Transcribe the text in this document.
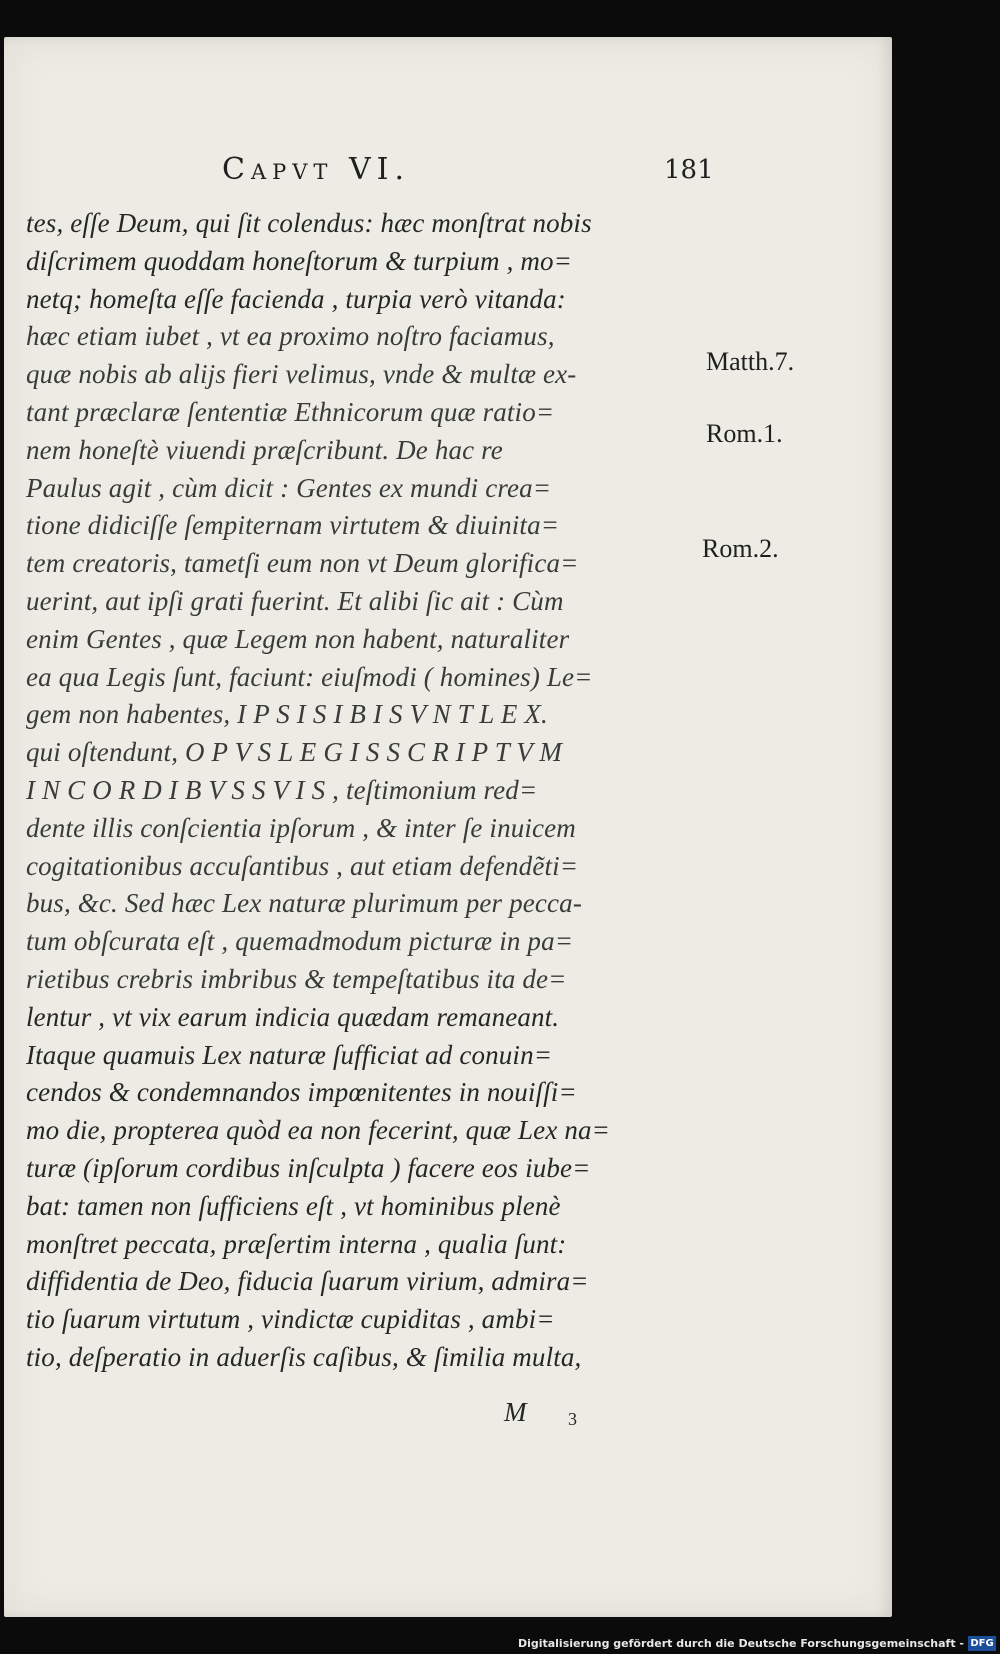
Capvt VI.	181
tes, eſſe Deum, qui ſit colendus: hæc monſtrat nobis
diſcrimem quoddam honeſtorum & turpium , mo=
netq; homeſta eſſe facienda , turpia verò vitanda:
hæc etiam iubet , vt ea proximo noſtro faciamus,
quæ nobis ab alijs fieri velimus, vnde & multæ ex-
tant præclaræ ſententiæ Ethnicorum quæ ratio=
nem honeſtè viuendi præſcribunt. De hac re
Paulus agit , cùm dicit : Gentes ex mundi crea=
tione didiciſſe ſempiternam virtutem & diuinita=
tem creatoris, tametſi eum non vt Deum glorifica=
uerint, aut ipſi grati fuerint. Et alibi ſic ait : Cùm
enim Gentes , quæ Legem non habent, naturaliter
ea qua Legis ſunt, faciunt: eiuſmodi ( homines) Le=
gem non habentes, I P S I S I B I S V N T L E X.
qui oſtendunt, O P V S L E G I S S C R I P T V M
I N C O R D I B V S S V I S , teſtimonium red=
dente illis conſcientia ipſorum , & inter ſe inuicem
cogitationibus accuſantibus , aut etiam defendẽti=
bus, &c. Sed hæc Lex naturæ plurimum per pecca-
tum obſcurata eſt , quemadmodum picturæ in pa=
rietibus crebris imbribus & tempeſtatibus ita de=
lentur , vt vix earum indicia quædam remaneant.
Itaque quamuis Lex naturæ ſufficiat ad conuin=
cendos & condemnandos impœnitentes in nouiſſi=
mo die, propterea quòd ea non fecerint, quæ Lex na=
turæ (ipſorum cordibus inſculpta ) facere eos iube=
bat: tamen non ſufficiens eſt , vt hominibus plenè
monſtret peccata, præſertim interna , qualia ſunt:
diffidentia de Deo, fiducia ſuarum virium, admira=
tio ſuarum virtutum , vindictæ cupiditas , ambi=
tio, deſperatio in aduerſis caſibus, & ſimilia multa,
Matth.7.
Rom.1.
Rom.2.
M 3
Digitalisierung gefördert durch die Deutsche Forschungsgemeinschaft - DFG
